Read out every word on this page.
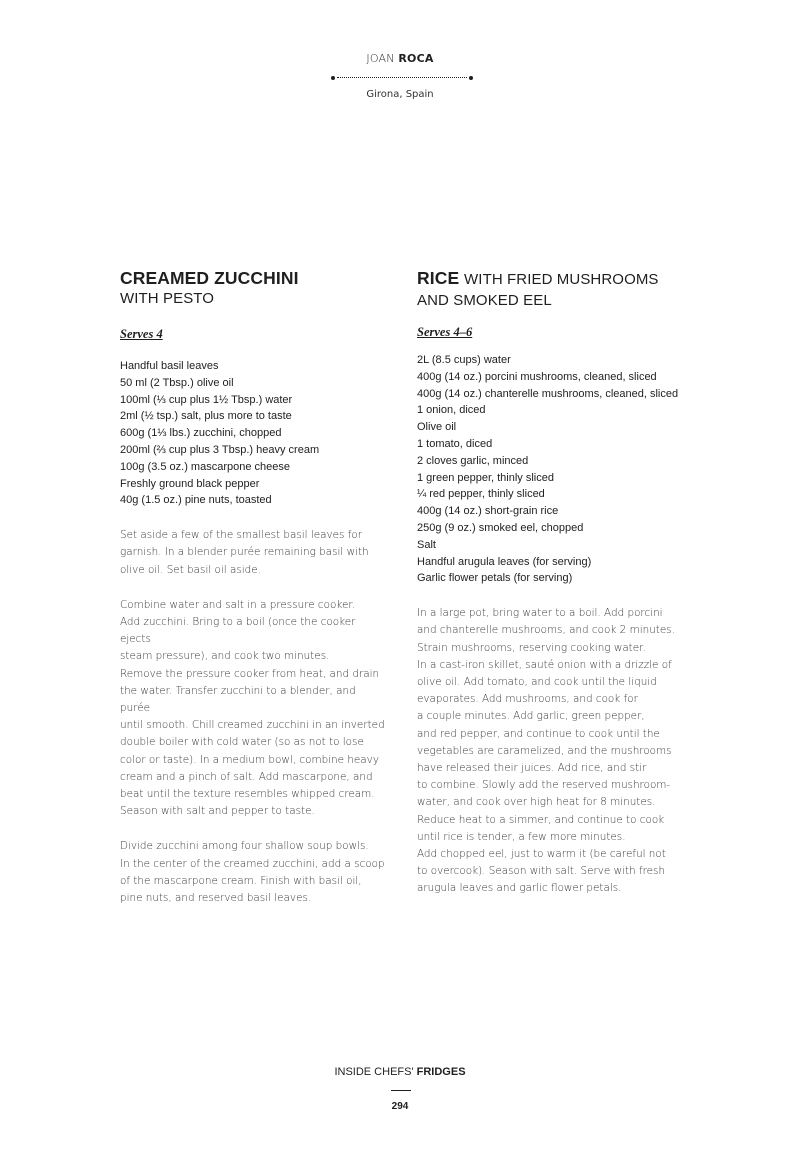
JOAN ROCA
Girona, Spain
CREAMED ZUCCHINI
WITH PESTO

Serves 4

Handful basil leaves
50 ml (2 Tbsp.) olive oil
100ml (⅓ cup plus 1½ Tbsp.) water
2ml (½ tsp.) salt, plus more to taste
600g (1⅓ lbs.) zucchini, chopped
200ml (⅔ cup plus 3 Tbsp.) heavy cream
100g (3.5 oz.) mascarpone cheese
Freshly ground black pepper
40g (1.5 oz.) pine nuts, toasted

Set aside a few of the smallest basil leaves for
garnish. In a blender purée remaining basil with
olive oil. Set basil oil aside.

Combine water and salt in a pressure cooker.
Add zucchini. Bring to a boil (once the cooker ejects
steam pressure), and cook two minutes.
Remove the pressure cooker from heat, and drain
the water. Transfer zucchini to a blender, and purée
until smooth. Chill creamed zucchini in an inverted
double boiler with cold water (so as not to lose
color or taste). In a medium bowl, combine heavy
cream and a pinch of salt. Add mascarpone, and
beat until the texture resembles whipped cream.
Season with salt and pepper to taste.

Divide zucchini among four shallow soup bowls.
In the center of the creamed zucchini, add a scoop
of the mascarpone cream. Finish with basil oil,
pine nuts, and reserved basil leaves.

RICE WITH FRIED MUSHROOMS AND SMOKED EEL

Serves 4–6

2L (8.5 cups) water
400g (14 oz.) porcini mushrooms, cleaned, sliced
400g (14 oz.) chanterelle mushrooms, cleaned, sliced
1 onion, diced
Olive oil
1 tomato, diced
2 cloves garlic, minced
1 green pepper, thinly sliced
¼ red pepper, thinly sliced
400g (14 oz.) short-grain rice
250g (9 oz.) smoked eel, chopped
Salt
Handful arugula leaves (for serving)
Garlic flower petals (for serving)

In a large pot, bring water to a boil. Add porcini
and chanterelle mushrooms, and cook 2 minutes.
Strain mushrooms, reserving cooking water.
In a cast-iron skillet, sauté onion with a drizzle of
olive oil. Add tomato, and cook until the liquid
evaporates. Add mushrooms, and cook for
a couple minutes. Add garlic, green pepper,
and red pepper, and continue to cook until the
vegetables are caramelized, and the mushrooms
have released their juices. Add rice, and stir
to combine. Slowly add the reserved mushroom-
water, and cook over high heat for 8 minutes.
Reduce heat to a simmer, and continue to cook
until rice is tender, a few more minutes.
Add chopped eel, just to warm it (be careful not
to overcook). Season with salt. Serve with fresh
arugula leaves and garlic flower petals.

INSIDE CHEFS' FRIDGES
294
